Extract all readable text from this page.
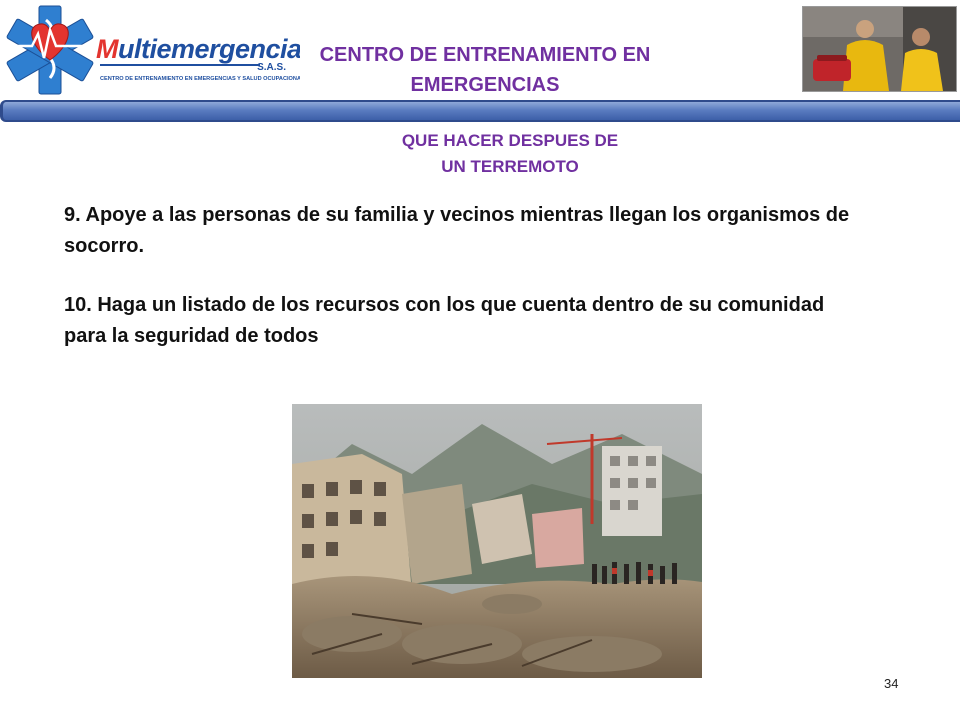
Multiemergencias
S.A.S.
CENTRO DE ENTRENAMIENTO EN EMERGENCIAS Y SALUD OCUPACIONAL
CENTRO DE ENTRENAMIENTO EN
EMERGENCIAS
QUE HACER DESPUES DE
UN TERREMOTO

9. Apoye a las personas de su familia y vecinos mientras llegan los organismos de socorro.

10. Haga un listado de los recursos con los que cuenta dentro de su comunidad para la seguridad de todos

34
